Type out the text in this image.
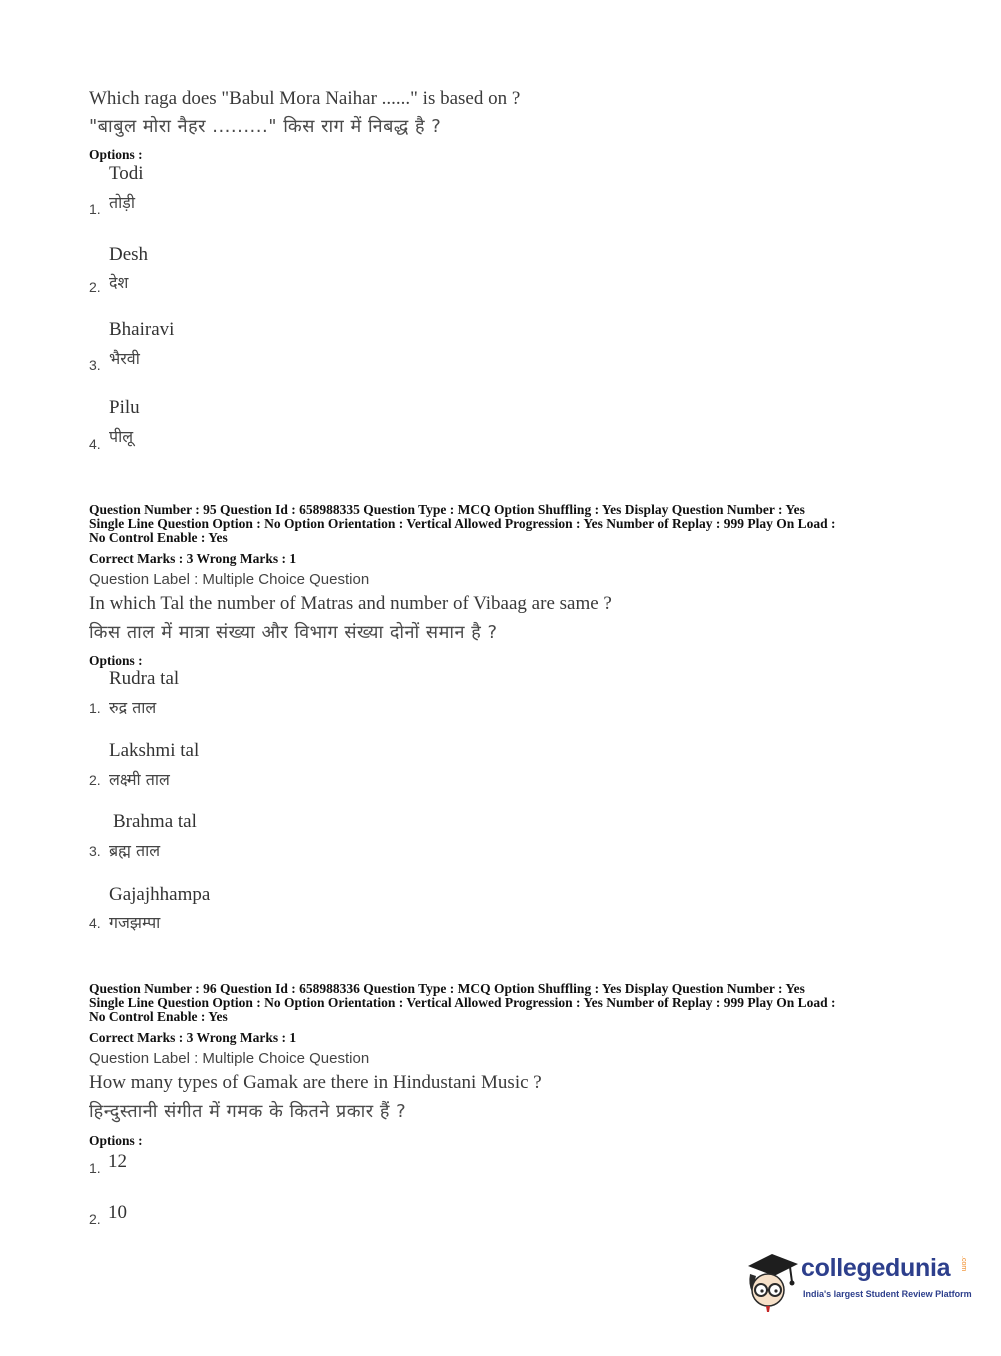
Which raga does "Babul Mora Naihar ......" is based on ?
"बाबुल मोरा नैहर ........." किस राग में निबद्ध है ?
Options :
Todi
तोड़ी
1.
Desh
देश
2.
Bhairavi
भैरवी
3.
Pilu
पीलू
4.
Question Number : 95 Question Id : 658988335 Question Type : MCQ Option Shuffling : Yes Display Question Number : Yes
Single Line Question Option : No Option Orientation : Vertical Allowed Progression : Yes Number of Replay : 999 Play On Load :
No Control Enable : Yes
Correct Marks : 3 Wrong Marks : 1
Question Label : Multiple Choice Question
In which Tal the number of Matras and number of Vibaag are same ?
किस ताल में मात्रा संख्या और विभाग संख्या दोनों समान है ?
Options :
Rudra tal
1. रुद्र ताल
Lakshmi tal
2. लक्ष्मी ताल
Brahma tal
3. ब्रह्म ताल
Gajajhhampa
4. गजझम्पा
Question Number : 96 Question Id : 658988336 Question Type : MCQ Option Shuffling : Yes Display Question Number : Yes
Single Line Question Option : No Option Orientation : Vertical Allowed Progression : Yes Number of Replay : 999 Play On Load :
No Control Enable : Yes
Correct Marks : 3 Wrong Marks : 1
Question Label : Multiple Choice Question
How many types of Gamak are there in Hindustani Music ?
हिन्दुस्तानी संगीत में गमक के कितने प्रकार हैं ?
Options :
1. 12
2. 10
collegedunia .com
India's largest Student Review Platform
